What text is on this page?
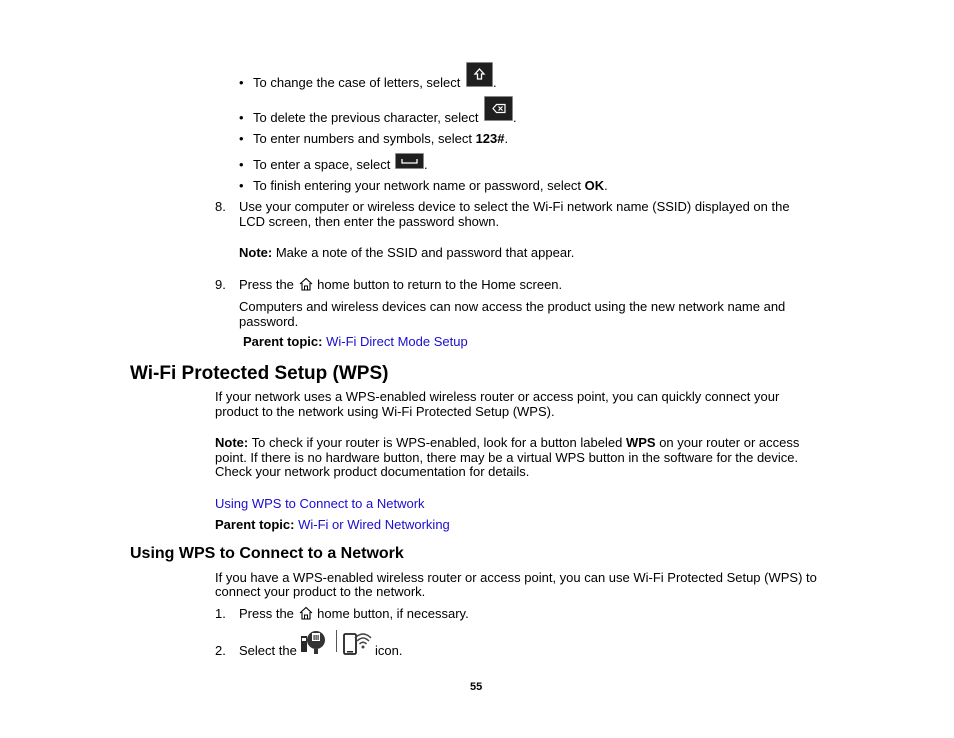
• To change the case of letters, select	.
• To delete the previous character, select	.
• To enter numbers and symbols, select 123#.
• To enter a space, select	.
• To finish entering your network name or password, select OK.
8. Use your computer or wireless device to select the Wi-Fi network name (SSID) displayed on the
LCD screen, then enter the password shown.
Note: Make a note of the SSID and password that appear.
9. Press the home button to return to the Home screen.
Computers and wireless devices can now access the product using the new network name and
password.
Parent topic: Wi-Fi Direct Mode Setup
Wi-Fi Protected Setup (WPS)
If your network uses a WPS-enabled wireless router or access point, you can quickly connect your
product to the network using Wi-Fi Protected Setup (WPS).
Note: To check if your router is WPS-enabled, look for a button labeled WPS on your router or access
point. If there is no hardware button, there may be a virtual WPS button in the software for the device.
Check your network product documentation for details.
Using WPS to Connect to a Network
Parent topic: Wi-Fi or Wired Networking
Using WPS to Connect to a Network
If you have a WPS-enabled wireless router or access point, you can use Wi-Fi Protected Setup (WPS) to
connect your product to the network.
1. Press the home button, if necessary.
2. Select the	icon.
55
